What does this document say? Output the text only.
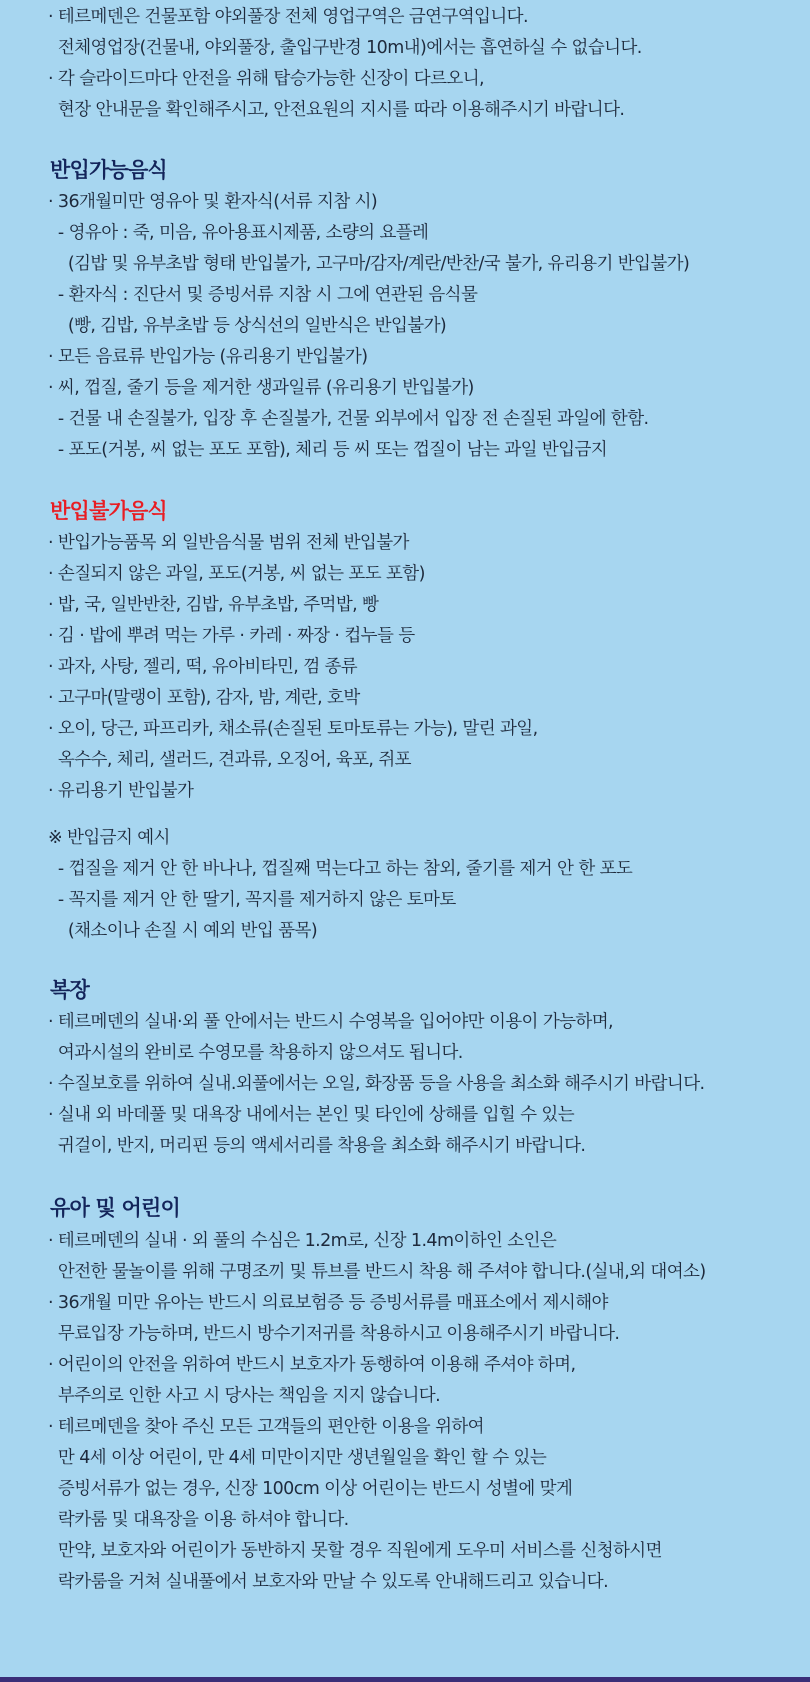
· 테르메덴은 건물포함 야외풀장 전체 영업구역은 금연구역입니다.
전체영업장(건물내, 야외풀장, 출입구반경 10m내)에서는 흡연하실 수 없습니다.
· 각 슬라이드마다 안전을 위해 탑승가능한 신장이 다르오니,
현장 안내문을 확인해주시고, 안전요원의 지시를 따라 이용해주시기 바랍니다.
반입가능음식
· 36개월미만 영유아 및 환자식(서류 지참 시)
- 영유아 : 죽, 미음, 유아용표시제품, 소량의 요플레
(김밥 및 유부초밥 형태 반입불가, 고구마/감자/계란/반찬/국 불가, 유리용기 반입불가)
- 환자식 : 진단서 및 증빙서류 지참 시 그에 연관된 음식물
(빵, 김밥, 유부초밥 등 상식선의 일반식은 반입불가)
· 모든 음료류 반입가능 (유리용기 반입불가)
· 씨, 껍질, 줄기 등을 제거한 생과일류 (유리용기 반입불가)
- 건물 내 손질불가, 입장 후 손질불가, 건물 외부에서 입장 전 손질된 과일에 한함.
- 포도(거봉, 씨 없는 포도 포함), 체리 등 씨 또는 껍질이 남는 과일 반입금지
반입불가음식
· 반입가능품목 외 일반음식물 범위 전체 반입불가
· 손질되지 않은 과일, 포도(거봉, 씨 없는 포도 포함)
· 밥, 국, 일반반찬, 김밥, 유부초밥, 주먹밥, 빵
· 김 · 밥에 뿌려 먹는 가루 · 카레 · 짜장 · 컵누들 등
· 과자, 사탕, 젤리, 떡, 유아비타민, 껌 종류
· 고구마(말랭이 포함), 감자, 밤, 계란, 호박
· 오이, 당근, 파프리카, 채소류(손질된 토마토류는 가능), 말린 과일,
옥수수, 체리, 샐러드, 견과류, 오징어, 육포, 쥐포
· 유리용기 반입불가
※ 반입금지 예시
- 껍질을 제거 안 한 바나나, 껍질째 먹는다고 하는 참외, 줄기를 제거 안 한 포도
- 꼭지를 제거 안 한 딸기, 꼭지를 제거하지 않은 토마토
(채소이나 손질 시 예외 반입 품목)
복장
· 테르메덴의 실내·외 풀 안에서는 반드시 수영복을 입어야만 이용이 가능하며,
여과시설의 완비로 수영모를 착용하지 않으셔도 됩니다.
· 수질보호를 위하여 실내.외풀에서는 오일, 화장품 등을 사용을 최소화 해주시기 바랍니다.
· 실내 외 바데풀 및 대욕장 내에서는 본인 및 타인에 상해를 입힐 수 있는
귀걸이, 반지, 머리핀 등의 액세서리를 착용을 최소화 해주시기 바랍니다.
유아 및 어린이
· 테르메덴의 실내 · 외 풀의 수심은 1.2m로, 신장 1.4m이하인 소인은
안전한 물놀이를 위해 구명조끼 및 튜브를 반드시 착용 해 주셔야 합니다.(실내,외 대여소)
· 36개월 미만 유아는 반드시 의료보험증 등 증빙서류를 매표소에서 제시해야
무료입장 가능하며, 반드시 방수기저귀를 착용하시고 이용해주시기 바랍니다.
· 어린이의 안전을 위하여 반드시 보호자가 동행하여 이용해 주셔야 하며,
부주의로 인한 사고 시 당사는 책임을 지지 않습니다.
· 테르메덴을 찾아 주신 모든 고객들의 편안한 이용을 위하여
만 4세 이상 어린이, 만 4세 미만이지만 생년월일을 확인 할 수 있는
증빙서류가 없는 경우, 신장 100cm 이상 어린이는 반드시 성별에 맞게
락카룸 및 대욕장을 이용 하셔야 합니다.
만약, 보호자와 어린이가 동반하지 못할 경우 직원에게 도우미 서비스를 신청하시면
락카룸을 거쳐 실내풀에서 보호자와 만날 수 있도록 안내해드리고 있습니다.
